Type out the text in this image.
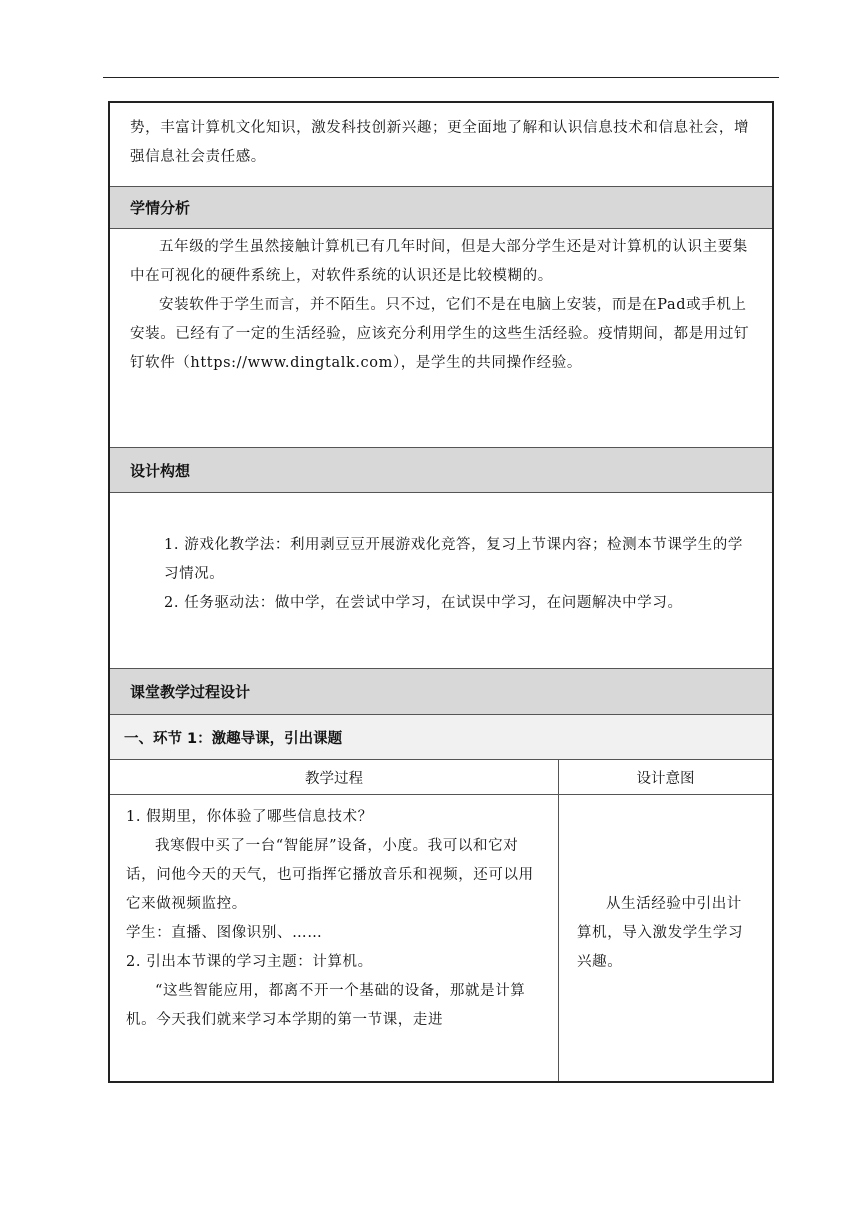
势，丰富计算机文化知识，激发科技创新兴趣；更全面地了解和认识信息技术和信息社会，增强信息社会责任感。

学情分析

五年级的学生虽然接触计算机已有几年时间，但是大部分学生还是对计算机的认识主要集中在可视化的硬件系统上，对软件系统的认识还是比较模糊的。

安装软件于学生而言，并不陌生。只不过，它们不是在电脑上安装，而是在Pad或手机上安装。已经有了一定的生活经验，应该充分利用学生的这些生活经验。疫情期间，都是用过钉钉软件（https://www.dingtalk.com），是学生的共同操作经验。

设计构想

1. 游戏化教学法：利用剥豆豆开展游戏化竞答，复习上节课内容；检测本节课学生的学习情况。

2. 任务驱动法：做中学，在尝试中学习，在试误中学习，在问题解决中学习。

课堂教学过程设计
一、环节 1：激趣导课，引出课题
教学过程	设计意图

1. 假期里，你体验了哪些信息技术？

我寒假中买了一台“智能屏”设备，小度。我可以和它对话，问他今天的天气，也可指挥它播放音乐和视频，还可以用它来做视频监控。

学生：直播、图像识别、……

2. 引出本节课的学习主题：计算机。

“这些智能应用，都离不开一个基础的设备，那就是计算机。今天我们就来学习本学期的第一节课，走进

从生活经验中引出计算机，导入激发学生学习兴趣。
